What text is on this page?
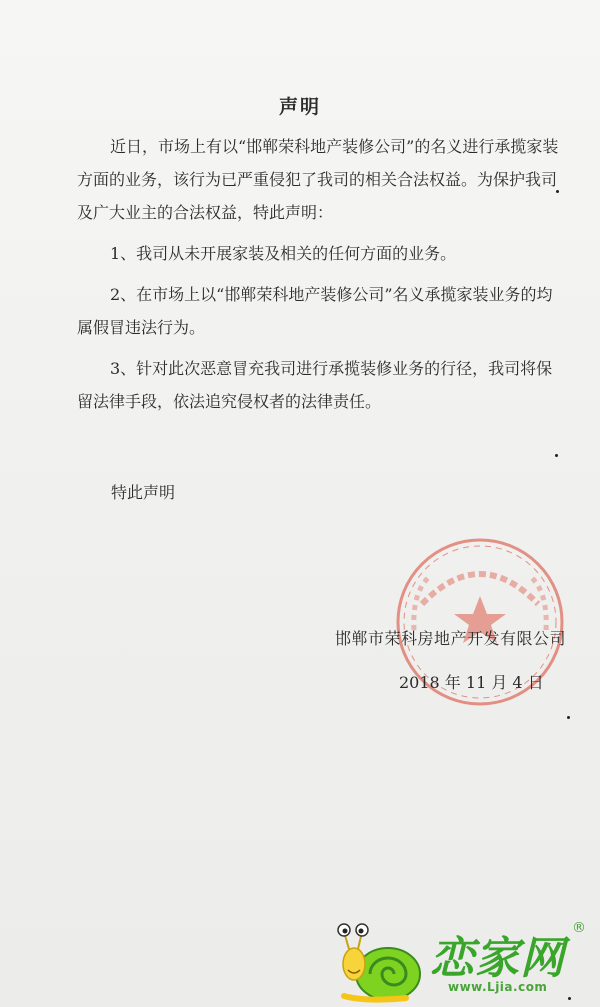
声明

近日，市场上有以“邯郸荣科地产装修公司”的名义进行承揽家装方面的业务，该行为已严重侵犯了我司的相关合法权益。为保护我司及广大业主的合法权益，特此声明：

1、我司从未开展家装及相关的任何方面的业务。

2、在市场上以“邯郸荣科地产装修公司”名义承揽家装业务的均属假冒违法行为。

3、针对此次恶意冒充我司进行承揽装修业务的行径，我司将保留法律手段，依法追究侵权者的法律责任。

特此声明
邯郸市荣科房地产开发有限公司
2018 年 11 月 4 日
恋家网
®
www.Ljia.com
